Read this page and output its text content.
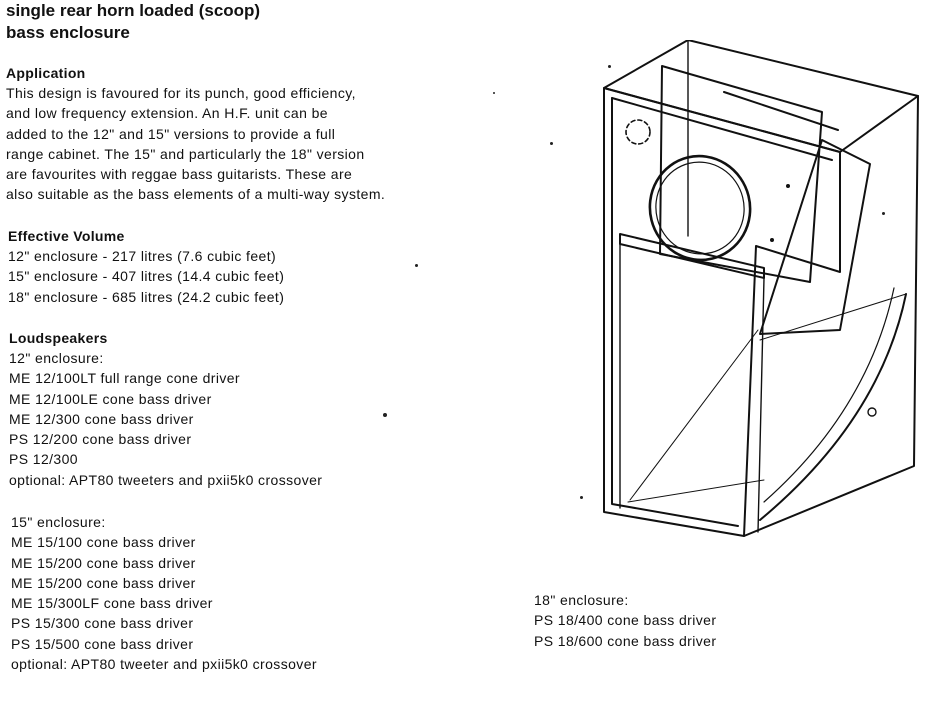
single rear horn loaded (scoop)
bass enclosure
Application
This design is favoured for its punch, good efficiency,
and low frequency extension. An H.F. unit can be
added to the 12" and 15" versions to provide a full
range cabinet. The 15" and particularly the 18" version
are favourites with reggae bass guitarists. These are
also suitable as the bass elements of a multi-way system.
Effective Volume
12" enclosure - 217 litres (7.6 cubic feet)
15" enclosure - 407 litres (14.4 cubic feet)
18" enclosure - 685 litres (24.2 cubic feet)
Loudspeakers
12" enclosure:
ME 12/100LT full range cone driver
ME 12/100LE cone bass driver
ME 12/300 cone bass driver
PS 12/200 cone bass driver
PS 12/300
optional: APT80 tweeters and pxii5k0 crossover
15" enclosure:
ME 15/100 cone bass driver
ME 15/200 cone bass driver
ME 15/200 cone bass driver
ME 15/300LF cone bass driver
PS 15/300 cone bass driver
PS 15/500 cone bass driver
optional: APT80 tweeter and pxii5k0 crossover
18" enclosure:
PS 18/400 cone bass driver
PS 18/600 cone bass driver
